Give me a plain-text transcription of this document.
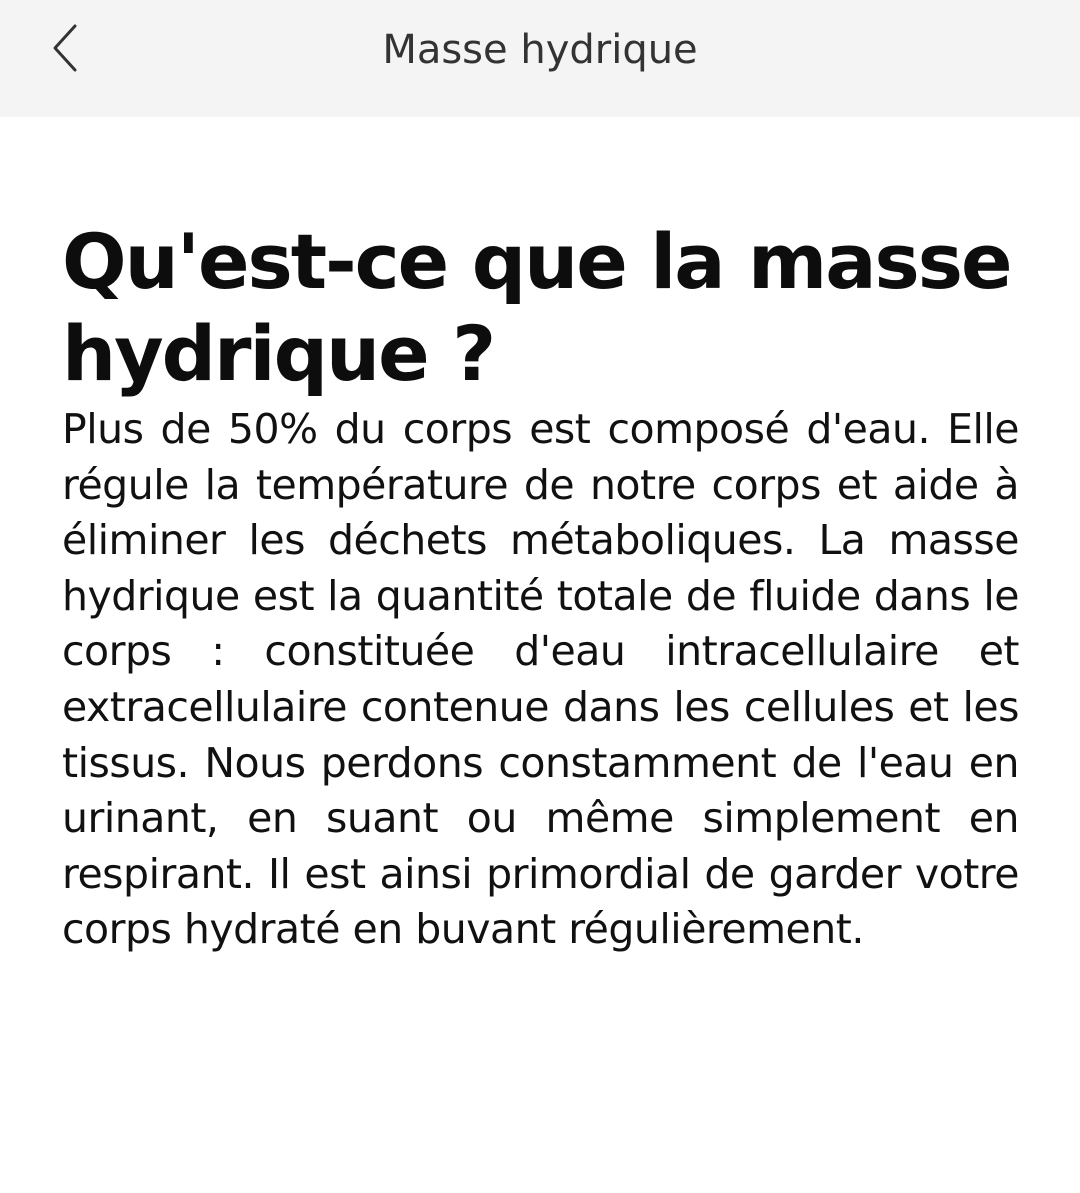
Masse hydrique
Qu'est-ce que la masse hydrique ?

Plus de 50% du corps est composé d'eau. Elle régule la température de notre corps et aide à éliminer les déchets métaboliques. La masse hydrique est la quantité totale de fluide dans le corps : constituée d'eau intracellulaire et extracellulaire contenue dans les cellules et les tissus. Nous perdons constamment de l'eau en urinant, en suant ou même simplement en respirant. Il est ainsi primordial de garder votre corps hydraté en buvant régulièrement.
